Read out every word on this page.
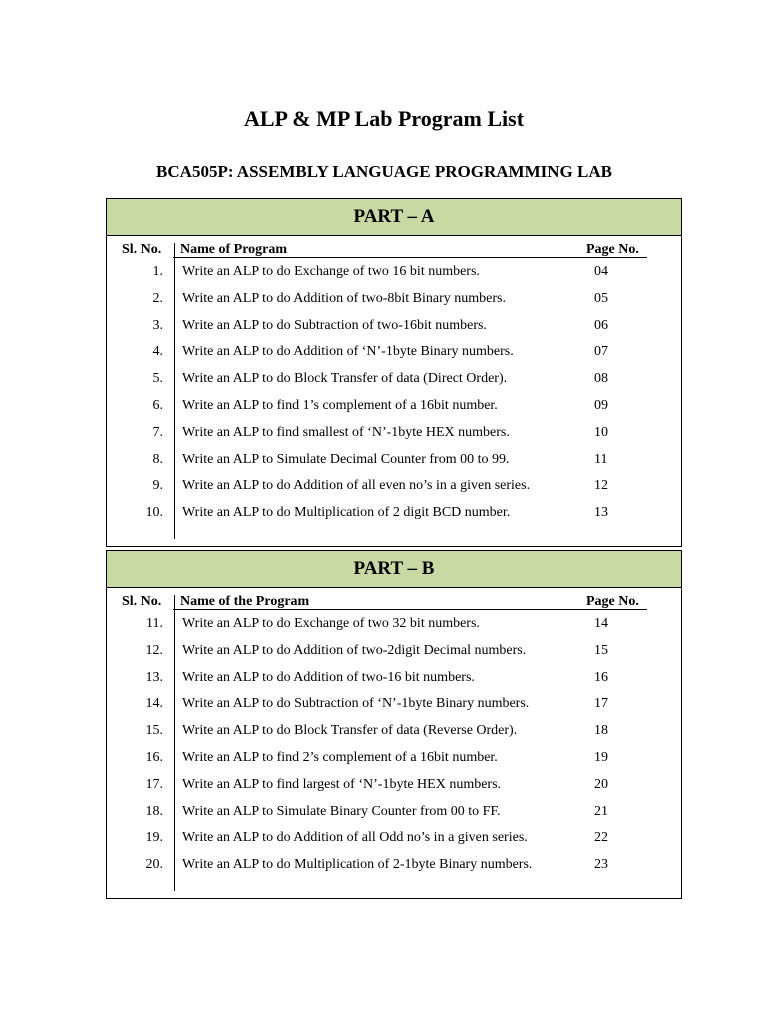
ALP & MP Lab Program List
BCA505P: ASSEMBLY LANGUAGE PROGRAMMING LAB
PART – A
Sl. No. Name of Program	Page No.
1. Write an ALP to do Exchange of two 16 bit numbers.	04
2. Write an ALP to do Addition of two-8bit Binary numbers.	05
3. Write an ALP to do Subtraction of two-16bit numbers.	06
4. Write an ALP to do Addition of ‘N’-1byte Binary numbers.	07
5. Write an ALP to do Block Transfer of data (Direct Order).	08
6. Write an ALP to find 1’s complement of a 16bit number.	09
7. Write an ALP to find smallest of ‘N’-1byte HEX numbers.	10
8. Write an ALP to Simulate Decimal Counter from 00 to 99.	11
9. Write an ALP to do Addition of all even no’s in a given series.	12
10. Write an ALP to do Multiplication of 2 digit BCD number.	13
PART – B
Sl. No. Name of the Program	Page No.
11. Write an ALP to do Exchange of two 32 bit numbers.	14
12. Write an ALP to do Addition of two-2digit Decimal numbers.	15
13. Write an ALP to do Addition of two-16 bit numbers.	16
14. Write an ALP to do Subtraction of ‘N’-1byte Binary numbers.	17
15. Write an ALP to do Block Transfer of data (Reverse Order).	18
16. Write an ALP to find 2’s complement of a 16bit number.	19
17. Write an ALP to find largest of ‘N’-1byte HEX numbers.	20
18. Write an ALP to Simulate Binary Counter from 00 to FF.	21
19. Write an ALP to do Addition of all Odd no’s in a given series.	22
20. Write an ALP to do Multiplication of 2-1byte Binary numbers.	23
